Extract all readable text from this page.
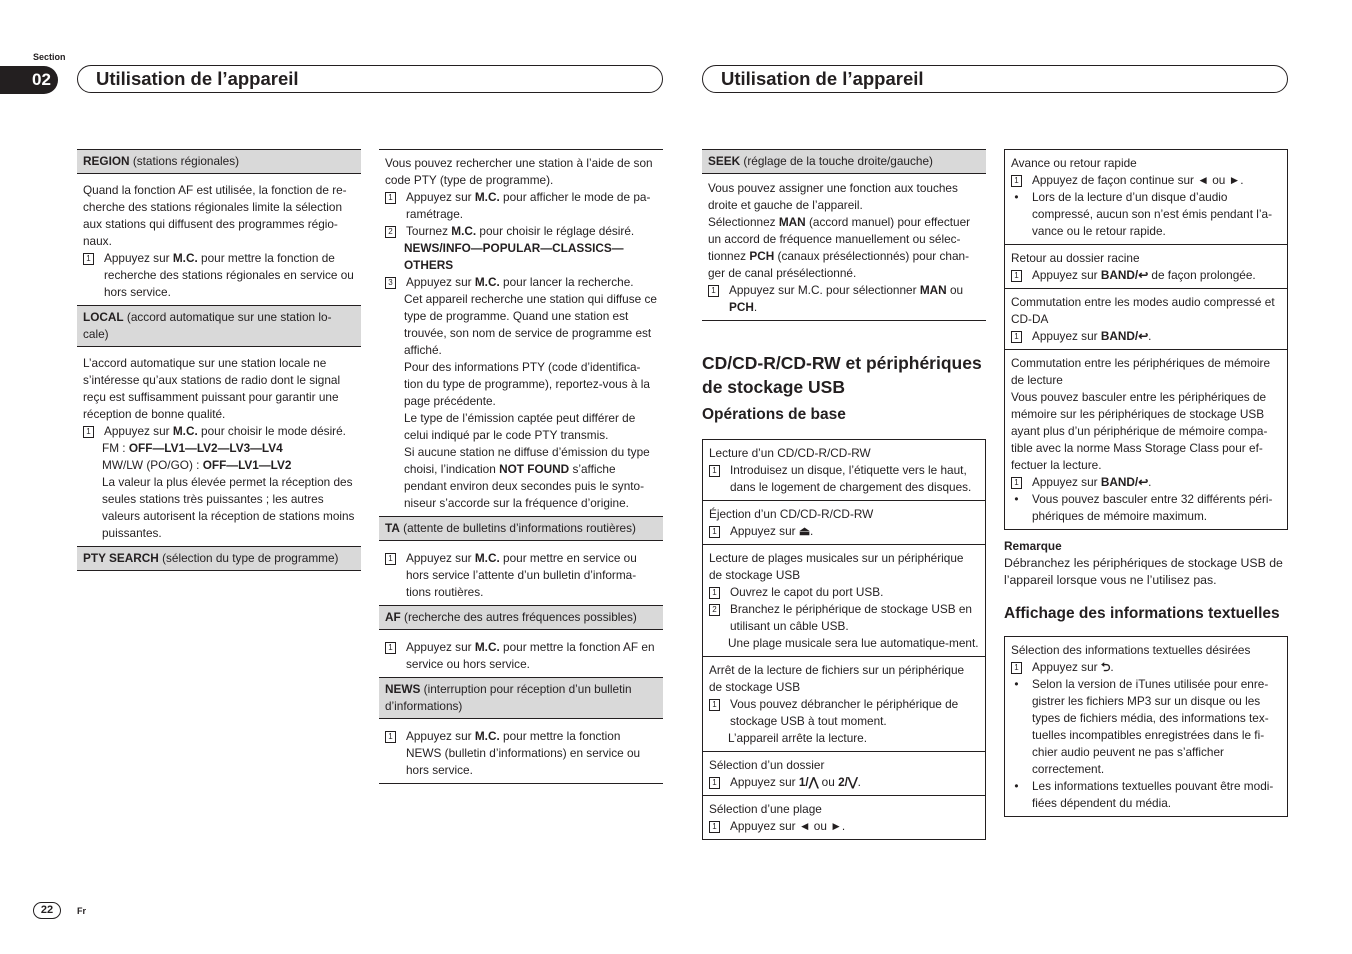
Section
02	Utilisation de l’appareil	Utilisation de l’appareil
REGION (stations régionales)
Quand la fonction AF est utilisée, la fonction de re-cherche des stations régionales limite la sélection aux stations qui diffusent des programmes régio-naux.
1 Appuyez sur M.C. pour mettre la fonction de recherche des stations régionales en service ou hors service.
LOCAL (accord automatique sur une station lo-cale)
L’accord automatique sur une station locale ne s’intéresse qu’aux stations de radio dont le signal reçu est suffisamment puissant pour garantir une réception de bonne qualité.
1 Appuyez sur M.C. pour choisir le mode désiré.
FM : OFF—LV1—LV2—LV3—LV4
MW/LW (PO/GO) : OFF—LV1—LV2
La valeur la plus élevée permet la réception des seules stations très puissantes ; les autres valeurs autorisent la réception de stations moins puissantes.
PTY SEARCH (sélection du type de programme)
Vous pouvez rechercher une station à l’aide de son code PTY (type de programme).
1 Appuyez sur M.C. pour afficher le mode de pa-ramétrage.
2 Tournez M.C. pour choisir le réglage désiré.
NEWS/INFO—POPULAR—CLASSICS—OTHERS
3 Appuyez sur M.C. pour lancer la recherche.
Cet appareil recherche une station qui diffuse ce type de programme. Quand une station est trouvée, son nom de service de programme est affiché.
Pour des informations PTY (code d’identifica-tion du type de programme), reportez-vous à la page précédente.
Le type de l’émission captée peut différer de celui indiqué par le code PTY transmis.
Si aucune station ne diffuse d’émission du type choisi, l’indication NOT FOUND s’affiche pendant environ deux secondes puis le synto-niseur s’accorde sur la fréquence d’origine.
TA (attente de bulletins d’informations routières)
1 Appuyez sur M.C. pour mettre en service ou hors service l’attente d’un bulletin d’informa-tions routières.
AF (recherche des autres fréquences possibles)
1 Appuyez sur M.C. pour mettre la fonction AF en service ou hors service.
NEWS (interruption pour réception d’un bulletin d’informations)
1 Appuyez sur M.C. pour mettre la fonction NEWS (bulletin d’informations) en service ou hors service.
SEEK (réglage de la touche droite/gauche)
Vous pouvez assigner une fonction aux touches droite et gauche de l’appareil.
Sélectionnez MAN (accord manuel) pour effectuer un accord de fréquence manuellement ou sélec-tionnez PCH (canaux présélectionnés) pour chan-ger de canal présélectionné.
1 Appuyez sur M.C. pour sélectionner MAN ou PCH.
CD/CD-R/CD-RW et périphériques de stockage USB
Opérations de base
Lecture d’un CD/CD-R/CD-RW
1 Introduisez un disque, l’étiquette vers le haut, dans le logement de chargement des disques.
Éjection d’un CD/CD-R/CD-RW
1 Appuyez sur ⏏.
Lecture de plages musicales sur un périphérique de stockage USB
1 Ouvrez le capot du port USB.
2 Branchez le périphérique de stockage USB en utilisant un câble USB.
Une plage musicale sera lue automatique-ment.
Arrêt de la lecture de fichiers sur un périphérique de stockage USB
1 Vous pouvez débrancher le périphérique de stockage USB à tout moment.
L’appareil arrête la lecture.
Sélection d’un dossier
1 Appuyez sur 1/⋀ ou 2/⋁.
Sélection d’une plage
1 Appuyez sur ◄ ou ►.
Avance ou retour rapide
1 Appuyez de façon continue sur ◄ ou ►.
• Lors de la lecture d’un disque d’audio compressé, aucun son n’est émis pendant l’a-vance ou le retour rapide.
Retour au dossier racine
1 Appuyez sur BAND/↩ de façon prolongée.
Commutation entre les modes audio compressé et CD-DA
1 Appuyez sur BAND/↩.
Commutation entre les périphériques de mémoire de lecture
Vous pouvez basculer entre les périphériques de mémoire sur les périphériques de stockage USB ayant plus d’un périphérique de mémoire compa-tible avec la norme Mass Storage Class pour ef-fectuer la lecture.
1 Appuyez sur BAND/↩.
• Vous pouvez basculer entre 32 différents péri-phériques de mémoire maximum.
Remarque
Débranchez les périphériques de stockage USB de l’appareil lorsque vous ne l’utilisez pas.
Affichage des informations textuelles
Sélection des informations textuelles désirées
1 Appuyez sur ⮌.
• Selon la version de iTunes utilisée pour enre-gistrer les fichiers MP3 sur un disque ou les types de fichiers média, des informations tex-tuelles incompatibles enregistrées dans le fi-chier audio peuvent ne pas s’afficher correctement.
• Les informations textuelles pouvant être modi-fiées dépendent du média.
22	Fr
